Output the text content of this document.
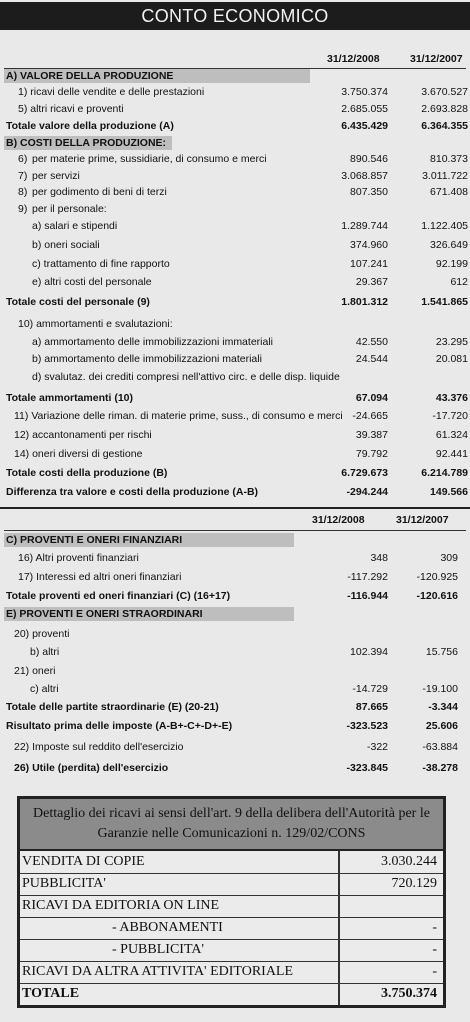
CONTO ECONOMICO
31/12/2008	31/12/2007
A) VALORE DELLA PRODUZIONE
1) ricavi delle vendite e delle prestazioni	3.750.374	3.670.527
5) altri ricavi e proventi	2.685.055	2.693.828
Totale valore della produzione (A)	6.435.429	6.364.355
B) COSTI DELLA PRODUZIONE:
6) per materie prime, sussidiarie, di consumo e merci	890.546	810.373
7) per servizi	3.068.857	3.011.722
8) per godimento di beni di terzi	807.350	671.408
9) per il personale:
a) salari e stipendi	1.289.744	1.122.405
b) oneri sociali	374.960	326.649
c) trattamento di fine rapporto	107.241	92.199
e) altri costi del personale	29.367	612
Totale costi del personale (9)	1.801.312	1.541.865
10) ammortamenti e svalutazioni:
a) ammortamento delle immobilizzazioni immateriali	42.550	23.295
b) ammortamento delle immobilizzazioni materiali	24.544	20.081
d) svalutaz. dei crediti compresi nell'attivo circ. e delle disp. liquide
Totale ammortamenti (10)	67.094	43.376
11) Variazione delle riman. di materie prime, suss., di consumo e merci -24.665	-17.720
12) accantonamenti per rischi	39.387	61.324
14) oneri diversi di gestione	79.792	92.441
Totale costi della produzione (B)	6.729.673	6.214.789
Differenza tra valore e costi della produzione (A-B)	-294.244	149.566
31/12/2008	31/12/2007
C) PROVENTI E ONERI FINANZIARI
16) Altri proventi finanziari	348	309
17) Interessi ed altri oneri finanziari	-117.292	-120.925
Totale proventi ed oneri finanziari (C) (16+17)	-116.944	-120.616
E) PROVENTI E ONERI STRAORDINARI
20) proventi
b) altri	102.394	15.756
21) oneri
c) altri	-14.729	-19.100
Totale delle partite straordinarie (E) (20-21)	87.665	-3.344
Risultato prima delle imposte (A-B+-C+-D+-E)	-323.523	25.606
22) Imposte sul reddito dell'esercizio	-322	-63.884
26) Utile (perdita) dell'esercizio	-323.845	-38.278
Dettaglio dei ricavi ai sensi dell'art. 9 della delibera dell'Autorità per le
Garanzie nelle Comunicazioni n. 129/02/CONS
VENDITA DI COPIE	3.030.244
PUBBLICITA'	720.129
RICAVI DA EDITORIA ON LINE
- ABBONAMENTI	-
- PUBBLICITA'	-
RICAVI DA ALTRA ATTIVITA' EDITORIALE	-
TOTALE	3.750.374
